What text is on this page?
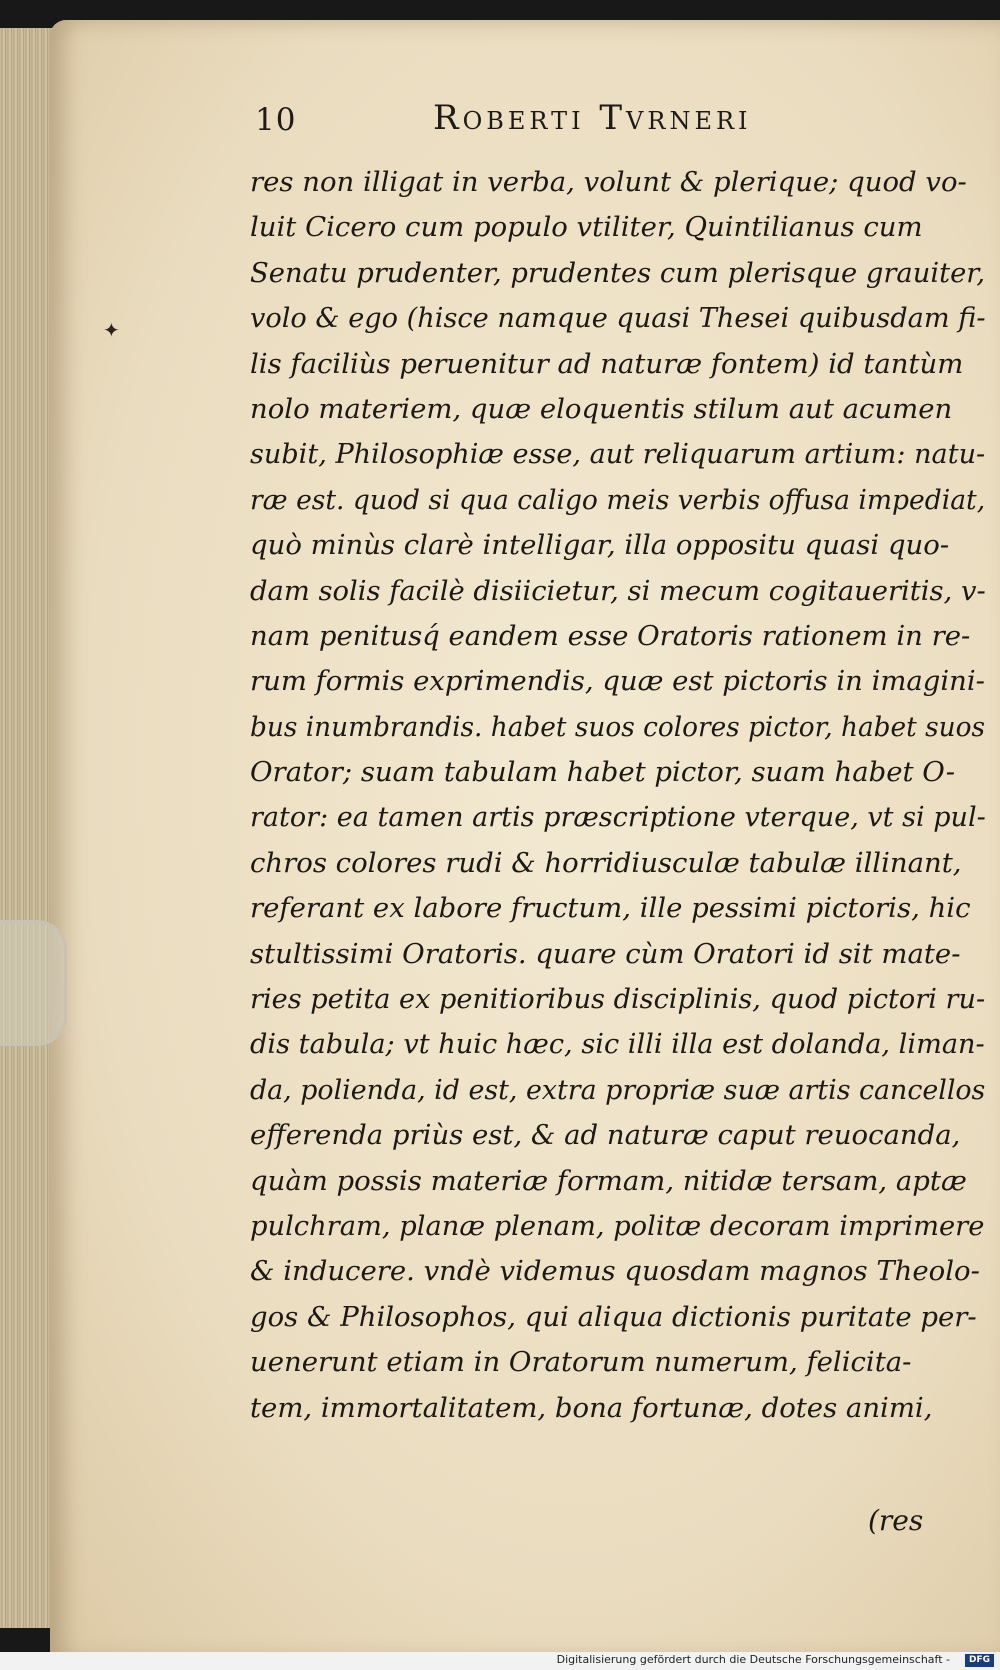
10	Roberti Tvrneri
✦
res non illigat in verba, volunt & plerique; quod vo-
luit Cicero cum populo vtiliter, Quintilianus cum
Senatu prudenter, prudentes cum plerisque grauiter,
volo & ego (hisce namque quasi Thesei quibusdam fi-
lis faciliùs peruenitur ad naturæ fontem) id tantùm
nolo materiem, quæ eloquentis stilum aut acumen
subit, Philosophiæ esse, aut reliquarum artium: natu-
ræ est. quod si qua caligo meis verbis offusa impediat,
quò minùs clarè intelligar, illa oppositu quasi quo-
dam solis facilè disiicietur, si mecum cogitaueritis, v-
nam penitusq́ eandem esse Oratoris rationem in re-
rum formis exprimendis, quæ est pictoris in imagini-
bus inumbrandis. habet suos colores pictor, habet suos
Orator; suam tabulam habet pictor, suam habet O-
rator: ea tamen artis præscriptione vterque, vt si pul-
chros colores rudi & horridiusculæ tabulæ illinant,
referant ex labore fructum, ille pessimi pictoris, hic
stultissimi Oratoris. quare cùm Oratori id sit mate-
ries petita ex penitioribus disciplinis, quod pictori ru-
dis tabula; vt huic hæc, sic illi illa est dolanda, liman-
da, polienda, id est, extra propriæ suæ artis cancellos
efferenda priùs est, & ad naturæ caput reuocanda,
quàm possis materiæ formam, nitidæ tersam, aptæ
pulchram, planæ plenam, politæ decoram imprimere
& inducere. vndè videmus quosdam magnos Theolo-
gos & Philosophos, qui aliqua dictionis puritate per-
uenerunt etiam in Oratorum numerum, felicita-
tem, immortalitatem, bona fortunæ, dotes animi,
(res
Digitalisierung gefördert durch die Deutsche Forschungsgemeinschaft -	DFG
